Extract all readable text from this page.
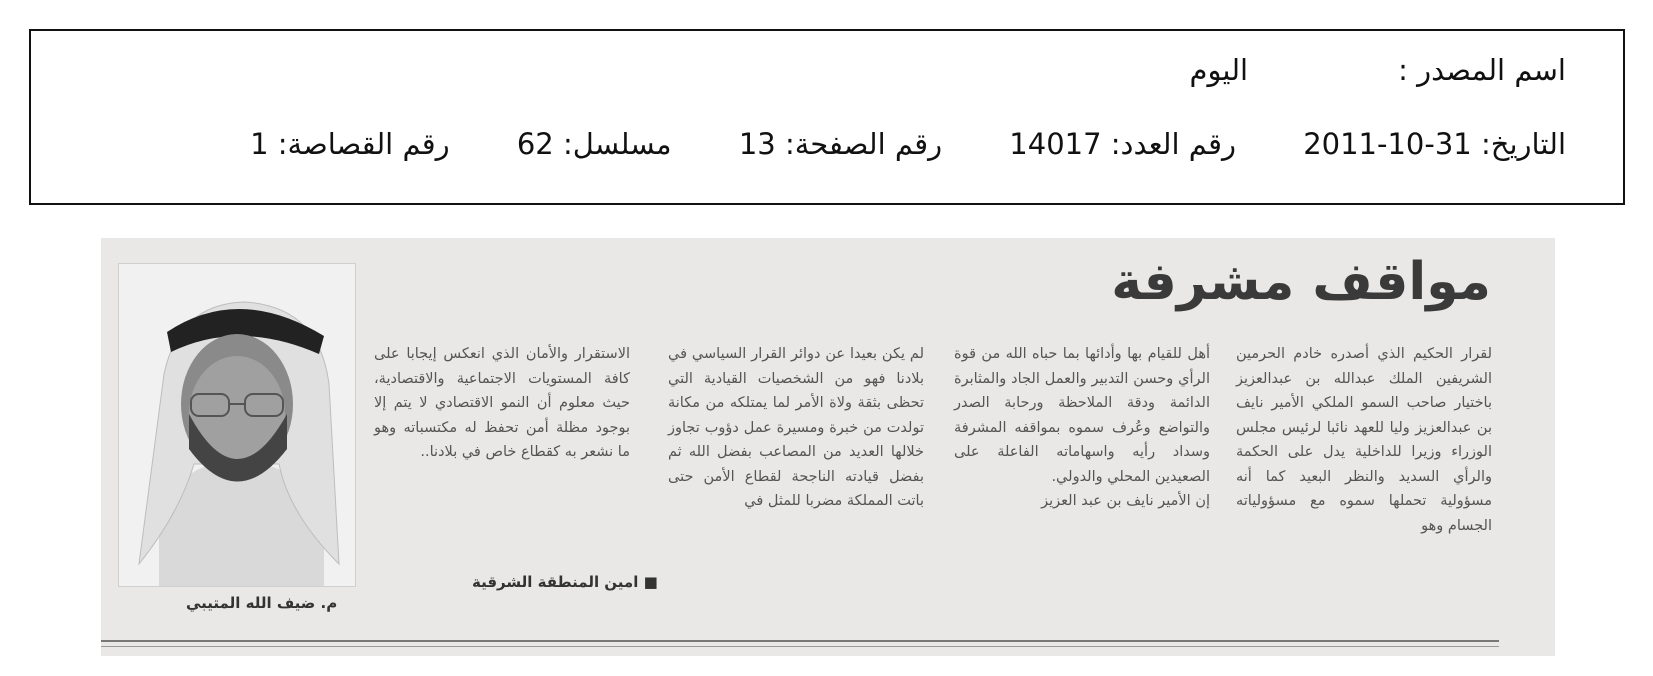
اسم المصدر :اليوم
التاريخ: 2011-10-31 رقم العدد: 14017 رقم الصفحة: 13 مسلسل: 62 رقم القصاصة: 1
مواقف مشرفة

لقرار الحكيم الذي أصدره خادم الحرمين الشريفين الملك عبدالله بن عبدالعزيز باختيار صاحب السمو الملكي الأمير نايف بن عبدالعزيز وليا للعهد نائبا لرئيس مجلس الوزراء وزيرا للداخلية يدل على الحكمة والرأي السديد والنظر البعيد كما أنه مسؤولية تحملها سموه مع مسؤولياته الجسام وهو

أهل للقيام بها وأدائها بما حباه الله من قوة الرأي وحسن التدبير والعمل الجاد والمثابرة الدائمة ودقة الملاحظة ورحابة الصدر والتواضع وعُرف سموه بمواقفه المشرفة وسداد رأيه واسهاماته الفاعلة على الصعيدين المحلي والدولي.

إن الأمير نايف بن عبد العزيز

لم يكن بعيدا عن دوائر القرار السياسي في بلادنا فهو من الشخصيات القيادية التي تحظى بثقة ولاة الأمر لما يمتلكه من مكانة تولدت من خبرة ومسيرة عمل دؤوب تجاوز خلالها العديد من المصاعب بفضل الله ثم بفضل قيادته الناجحة لقطاع الأمن حتى باتت المملكة مضربا للمثل في

الاستقرار والأمان الذي انعكس إيجابا على كافة المستويات الاجتماعية والاقتصادية، حيث معلوم أن النمو الاقتصادي لا يتم إلا بوجود مظلة أمن تحفظ له مكتسباته وهو ما نشعر به كقطاع خاص في بلادنا..

■ امين المنطقة الشرقية
م. ضيف الله المتيبي
